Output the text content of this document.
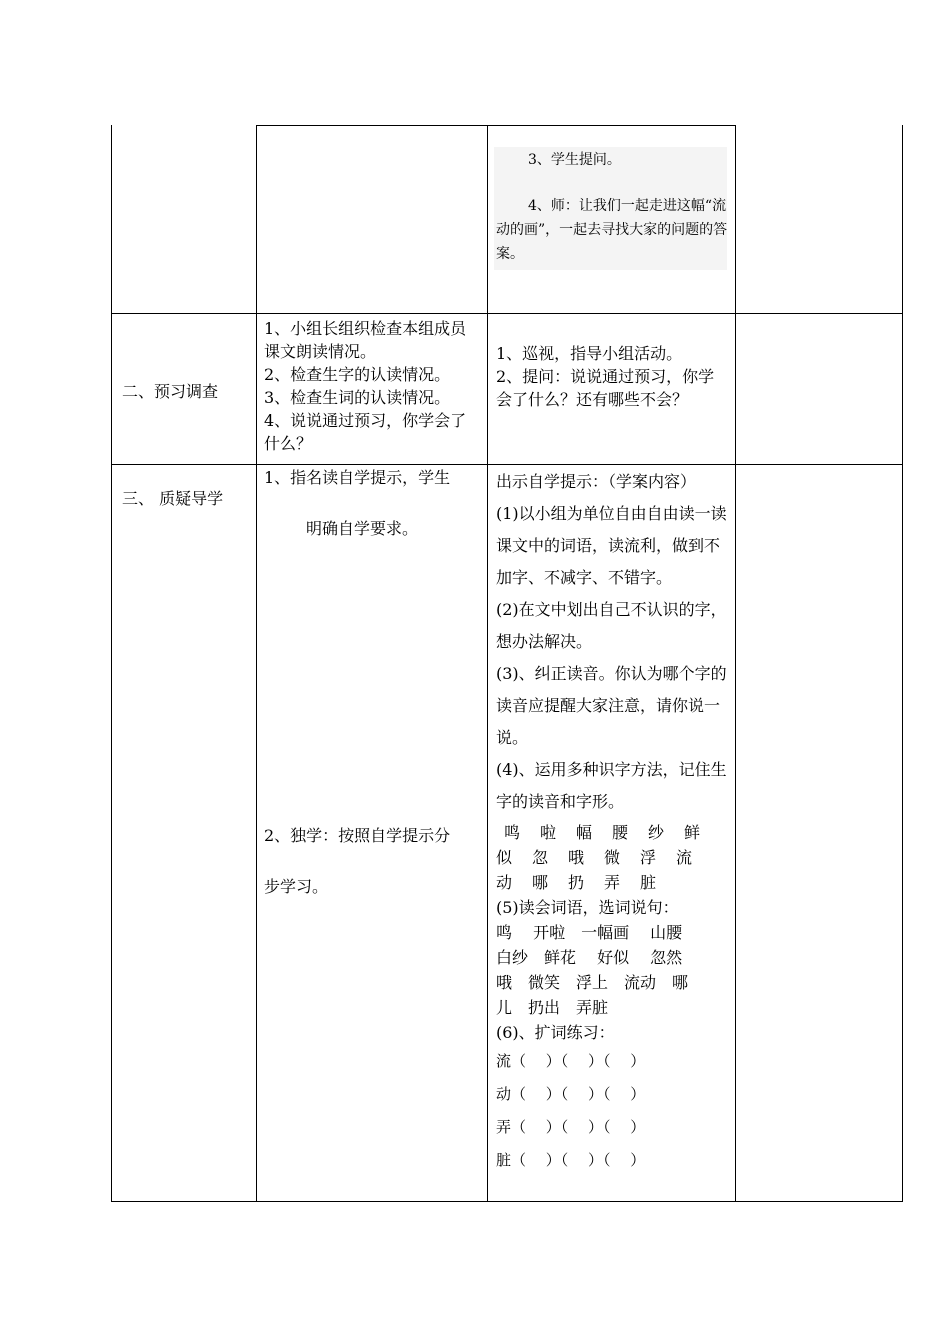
3、学生提问。

4、师：让我们一起走进这幅“流动的画”，一起去寻找大家的问题的答案。

二、预习调查

1、小组长组织检查本组成员课文朗读情况。

2、检查生字的认读情况。

3、检查生词的认读情况。

4、说说通过预习，你学会了什么？

1、巡视，指导小组活动。

2、提问：说说通过预习，你学会了什么？还有哪些不会？

三、 质疑导学

1、指名读自学提示，学生

明确自学要求。

2、独学：按照自学提示分

步学习。

出示自学提示：（学案内容）

(1)以小组为单位自由自由读一读课文中的词语，读流利，做到不加字、不减字、不错字。

(2)在文中划出自己不认识的字，想办法解决。

(3)、纠正读音。你认为哪个字的读音应提醒大家注意，请你说一说。

(4)、运用多种识字方法，记住生字的读音和字形。

鸣　啦　幅　腰　纱　鲜

似　忽　哦　微　浮　流

动　哪　扔　弄　脏

(5)读会词语，选词说句：

鸣　 开啦　一幅画　 山腰

白纱　鲜花　 好似　 忽然

哦　微笑　浮上　流动　哪

儿　扔出　弄脏

(6)、扩词练习：

流（　 ）（　 ）（　 ）

动（　 ）（　 ）（　 ）

弄（　 ）（　 ）（　 ）

脏（　 ）（　 ）（　 ）
